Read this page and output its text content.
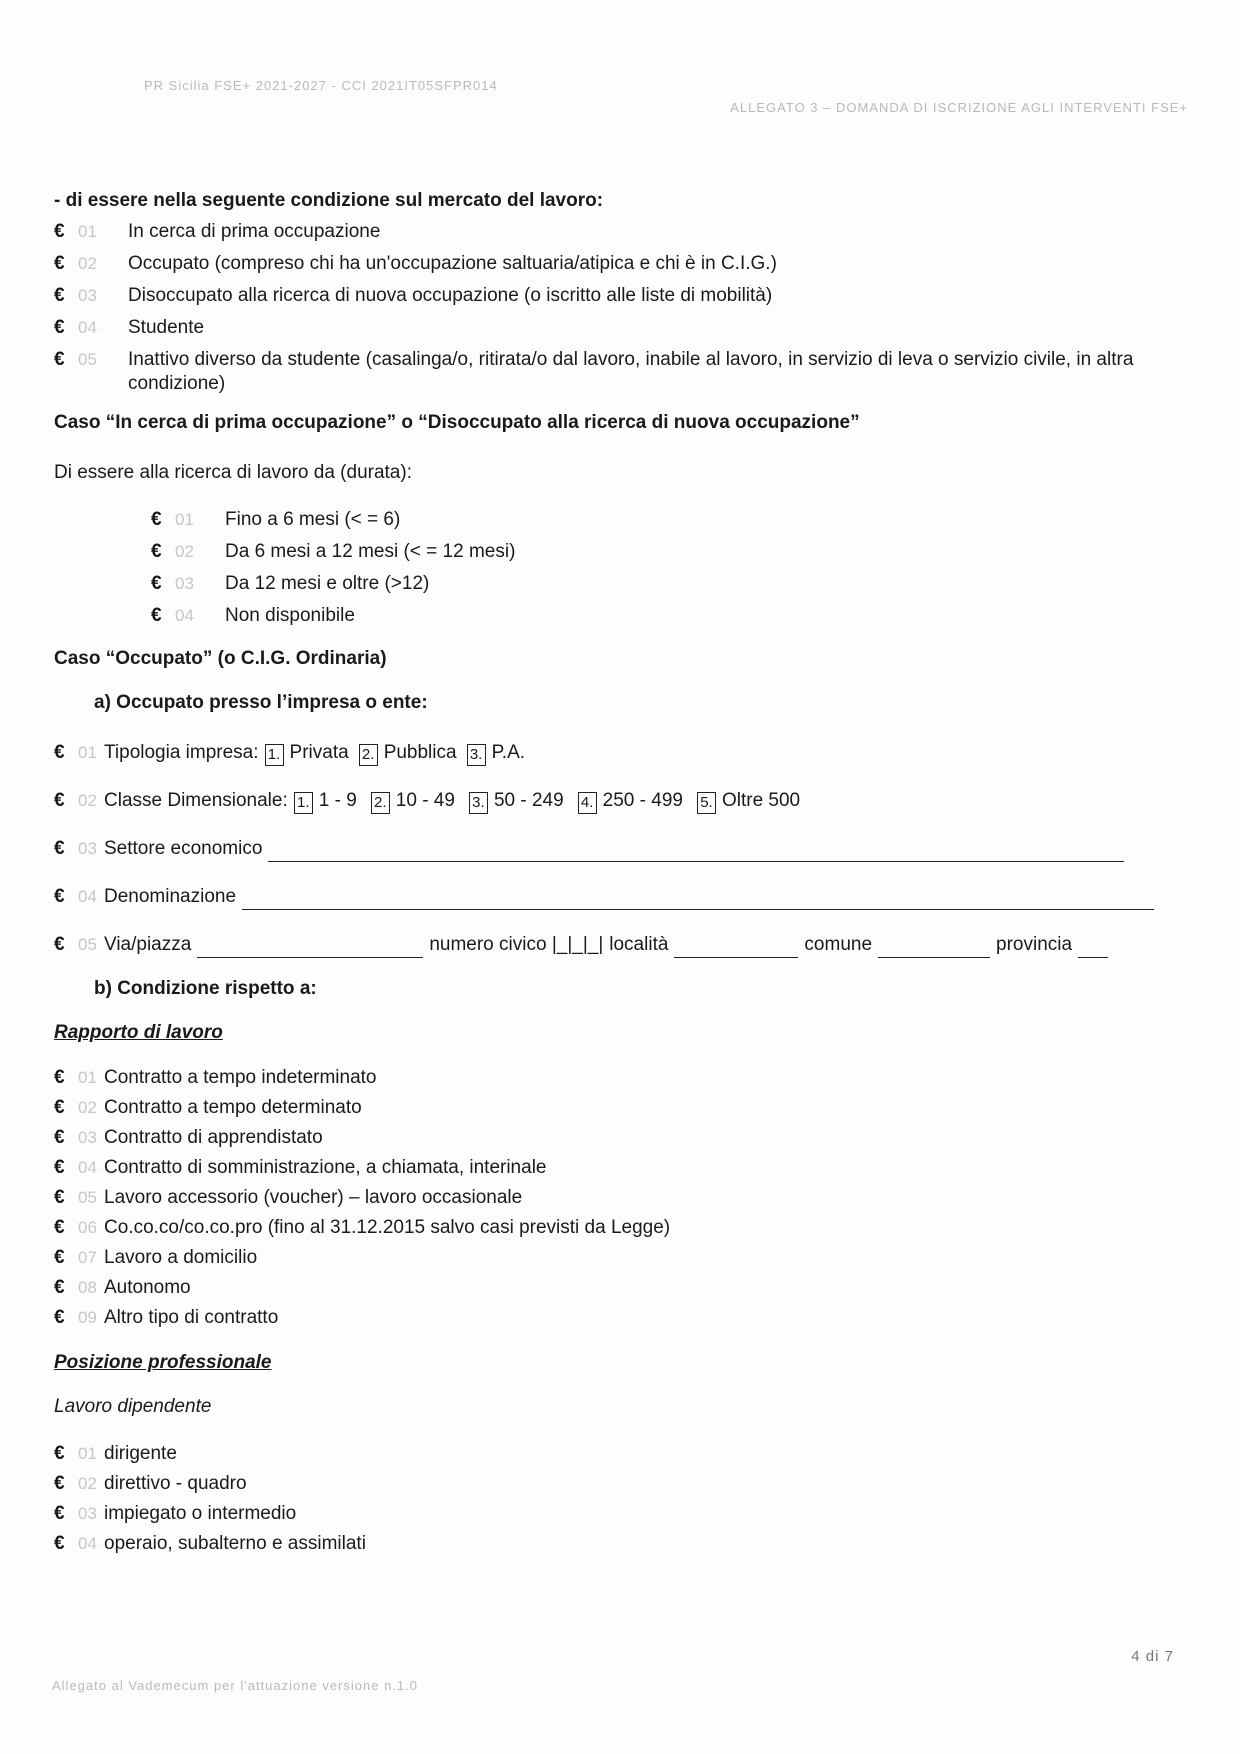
PR Sicilia FSE+ 2021-2027 - CCI 2021IT05SFPR014
ALLEGATO 3 – DOMANDA DI ISCRIZIONE AGLI INTERVENTI FSE+
- di essere nella seguente condizione sul mercato del lavoro:
€ 01	In cerca di prima occupazione
€ 02	Occupato (compreso chi ha un'occupazione saltuaria/atipica e chi è in C.I.G.)
€ 03	Disoccupato alla ricerca di nuova occupazione (o iscritto alle liste di mobilità)
€ 04	Studente
€ 05	Inattivo diverso da studente (casalinga/o, ritirata/o dal lavoro, inabile al lavoro, in servizio di leva o servizio civile, in altra condizione)
Caso “In cerca di prima occupazione” o “Disoccupato alla ricerca di nuova occupazione”
Di essere alla ricerca di lavoro da (durata):
€ 01	Fino a 6 mesi (< = 6)
€ 02	Da 6 mesi a 12 mesi (< = 12 mesi)
€ 03	Da 12 mesi e oltre (>12)
€ 04	Non disponibile
Caso “Occupato” (o C.I.G. Ordinaria)
a) Occupato presso l’impresa o ente:
€ 01 Tipologia impresa: 1. Privata 2. Pubblica 3. P.A.
€ 02 Classe Dimensionale: 1. 1 - 9 2. 10 - 49 3. 50 - 249 4. 250 - 499 5. Oltre 500
€ 03 Settore economico
€ 04 Denominazione
€ 05 Via/piazza	numero civico |_|_|_| località	comune	provincia
b) Condizione rispetto a:
Rapporto di lavoro
€ 01 Contratto a tempo indeterminato
€ 02 Contratto a tempo determinato
€ 03 Contratto di apprendistato
€ 04 Contratto di somministrazione, a chiamata, interinale
€ 05 Lavoro accessorio (voucher) – lavoro occasionale
€ 06 Co.co.co/co.co.pro (fino al 31.12.2015 salvo casi previsti da Legge)
€ 07 Lavoro a domicilio
€ 08 Autonomo
€ 09 Altro tipo di contratto
Posizione professionale
Lavoro dipendente
€ 01 dirigente
€ 02 direttivo - quadro
€ 03 impiegato o intermedio
€ 04 operaio, subalterno e assimilati
4 di 7
Allegato al Vademecum per l'attuazione versione n.1.0
